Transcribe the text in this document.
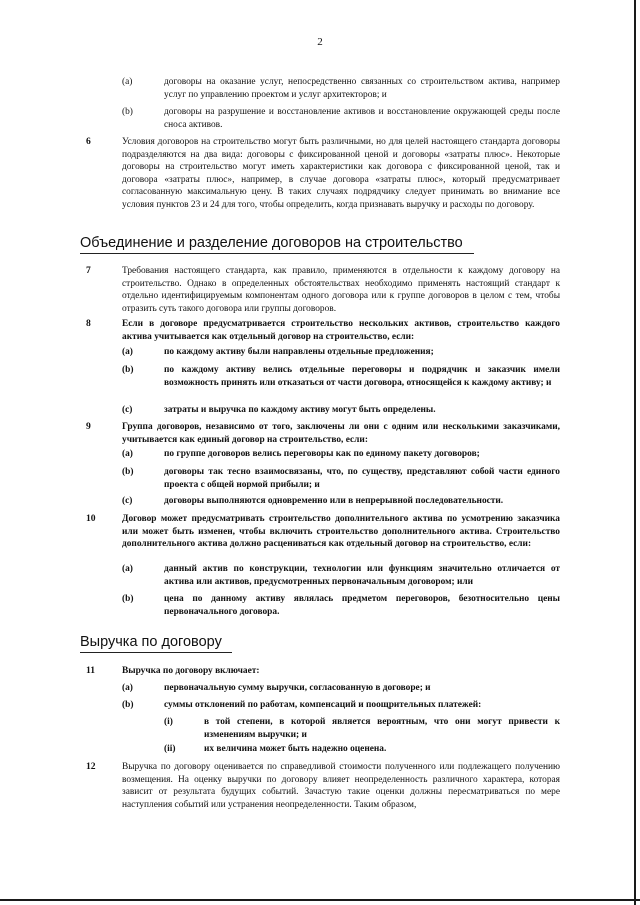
2
(a)	договоры на оказание услуг, непосредственно связанных со строительством актива, например услуг по управлению проектом и услуг архитекторов; и
(b)	договоры на разрушение и восстановление активов и восстановление окружающей среды после сноса активов.
6	Условия договоров на строительство могут быть различными, но для целей настоящего стандарта договоры подразделяются на два вида: договоры с фиксированной ценой и договоры «затраты плюс». Некоторые договоры на строительство могут иметь характеристики как договора с фиксированной ценой, так и договора «затраты плюс», например, в случае договора «затраты плюс», который предусматривает согласованную максимальную цену. В таких случаях подрядчику следует принимать во внимание все условия пунктов 23 и 24 для того, чтобы определить, когда признавать выручку и расходы по договору.
Объединение и разделение договоров на строительство
7	Требования настоящего стандарта, как правило, применяются в отдельности к каждому договору на строительство. Однако в определенных обстоятельствах необходимо применять настоящий стандарт к отдельно идентифицируемым компонентам одного договора или к группе договоров в целом с тем, чтобы отразить суть такого договора или группы договоров.
8	Если в договоре предусматривается строительство нескольких активов, строительство каждого актива учитывается как отдельный договор на строительство, если:
(a)	по каждому активу были направлены отдельные предложения;
(b)	по каждому активу велись отдельные переговоры и подрядчик и заказчик имели возможность принять или отказаться от части договора, относящейся к каждому активу; и
(c)	затраты и выручка по каждому активу могут быть определены.
9	Группа договоров, независимо от того, заключены ли они с одним или несколькими заказчиками, учитывается как единый договор на строительство, если:
(a)	по группе договоров велись переговоры как по единому пакету договоров;
(b)	договоры так тесно взаимосвязаны, что, по существу, представляют собой части единого проекта с общей нормой прибыли; и
(c)	договоры выполняются одновременно или в непрерывной последовательности.
10	Договор может предусматривать строительство дополнительного актива по усмотрению заказчика или может быть изменен, чтобы включить строительство дополнительного актива. Строительство дополнительного актива должно расцениваться как отдельный договор на строительство, если:
(a)	данный актив по конструкции, технологии или функциям значительно отличается от актива или активов, предусмотренных первоначальным договором; или
(b)	цена по данному активу являлась предметом переговоров, безотносительно цены первоначального договора.
Выручка по договору
11	Выручка по договору включает:
(a)	первоначальную сумму выручки, согласованную в договоре; и
(b)	суммы отклонений по работам, компенсаций и поощрительных платежей:
(i)	в той степени, в которой является вероятным, что они могут привести к изменениям выручки; и
(ii)	их величина может быть надежно оценена.
12	Выручка по договору оценивается по справедливой стоимости полученного или подлежащего получению возмещения. На оценку выручки по договору влияет неопределенность различного характера, которая зависит от результата будущих событий. Зачастую такие оценки должны пересматриваться по мере наступления событий или устранения неопределенности. Таким образом,
